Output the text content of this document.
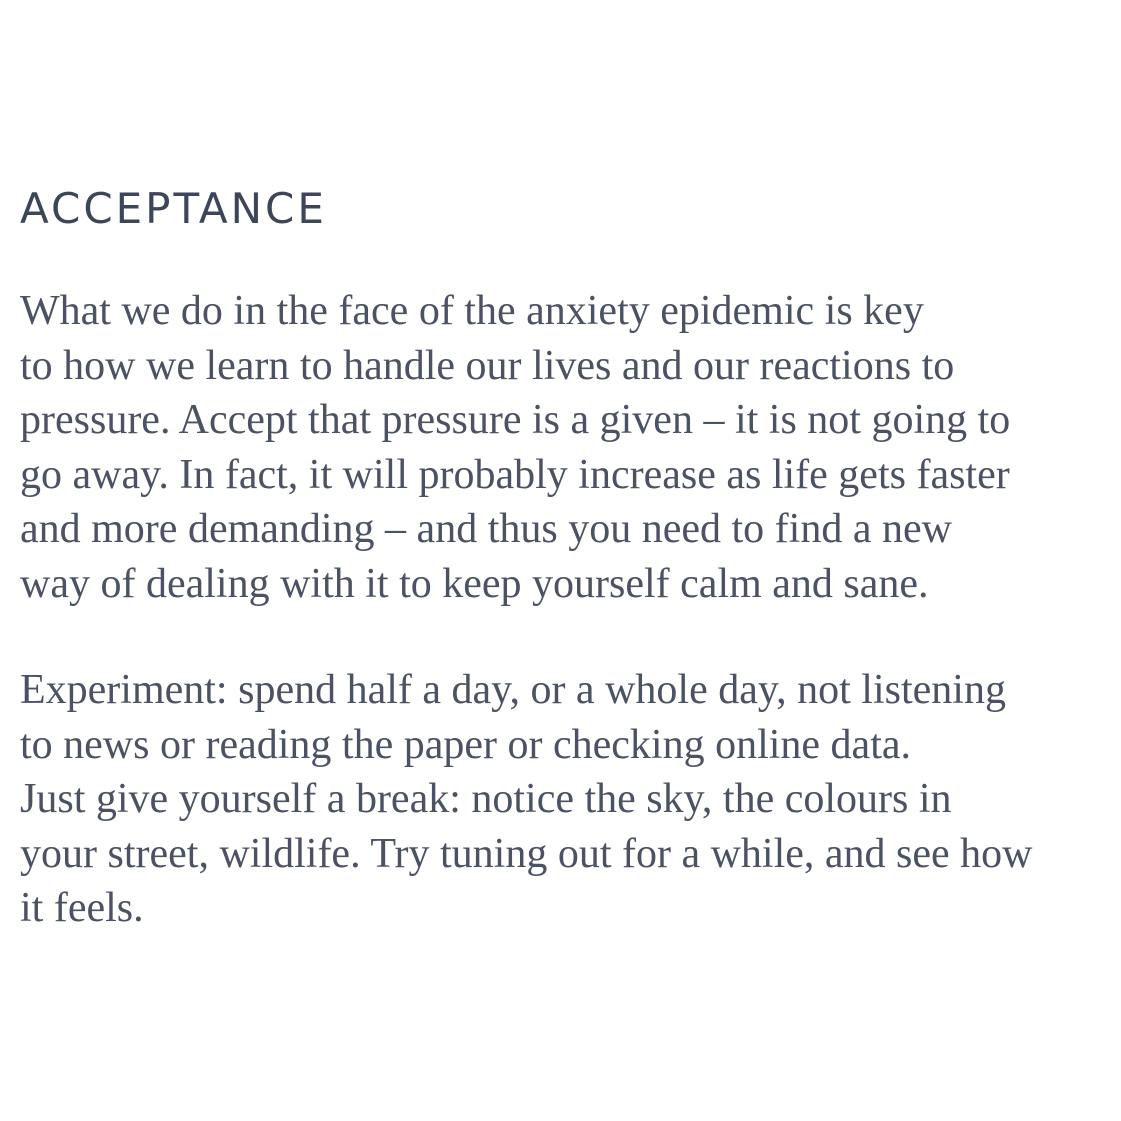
ACCEPTANCE

What we do in the face of the anxiety epidemic is key
to how we learn to handle our lives and our reactions to
pressure. Accept that pressure is a given – it is not going to
go away. In fact, it will probably increase as life gets faster
and more demanding – and thus you need to find a new
way of dealing with it to keep yourself calm and sane.

Experiment: spend half a day, or a whole day, not listening
to news or reading the paper or checking online data.
Just give yourself a break: notice the sky, the colours in
your street, wildlife. Try tuning out for a while, and see how
it feels.
